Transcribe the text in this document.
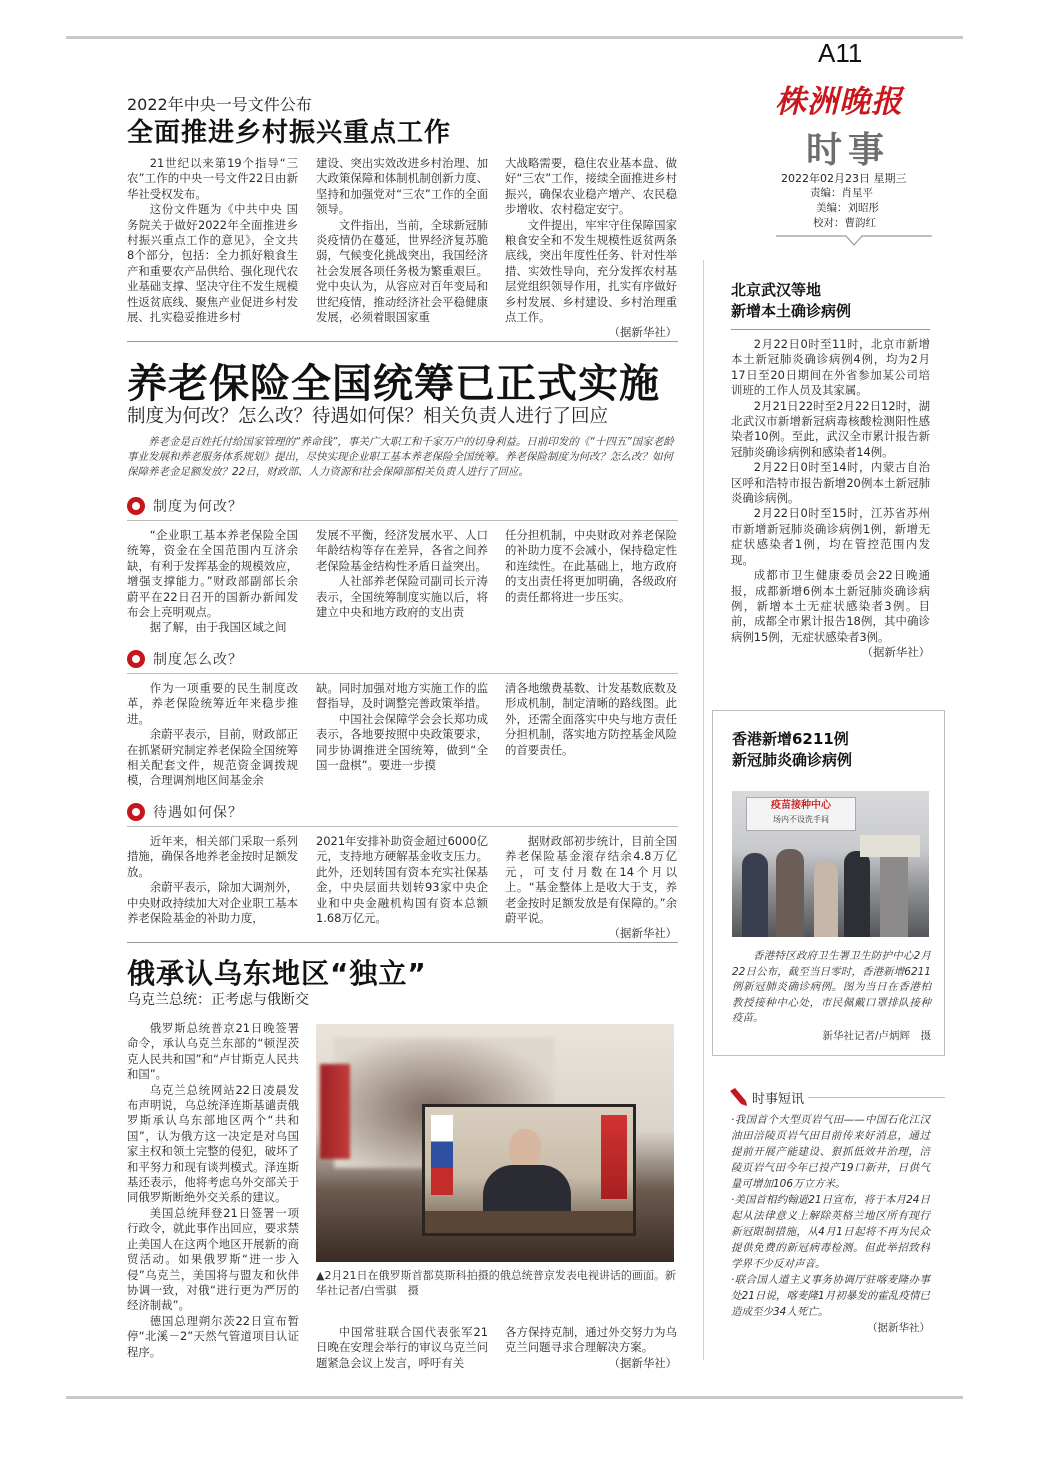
A11
株洲晚报
时事
2022年02月23日 星期三
责编：肖星平
美编：刘昭彤
校对：曹韵红
2022年中央一号文件公布
全面推进乡村振兴重点工作

21世纪以来第19个指导“三农”工作的中央一号文件22日由新华社受权发布。

这份文件题为《中共中央 国务院关于做好2022年全面推进乡村振兴重点工作的意见》，全文共8个部分，包括：全力抓好粮食生产和重要农产品供给、强化现代农业基础支撑、坚决守住不发生规模性返贫底线、聚焦产业促进乡村发展、扎实稳妥推进乡村

建设、突出实效改进乡村治理、加大政策保障和体制机制创新力度、坚持和加强党对“三农”工作的全面领导。

文件指出，当前，全球新冠肺炎疫情仍在蔓延，世界经济复苏脆弱，气候变化挑战突出，我国经济社会发展各项任务极为繁重艰巨。党中央认为，从容应对百年变局和世纪疫情，推动经济社会平稳健康发展，必须着眼国家重

大战略需要，稳住农业基本盘、做好“三农”工作，接续全面推进乡村振兴，确保农业稳产增产、农民稳步增收、农村稳定安宁。

文件提出，牢牢守住保障国家粮食安全和不发生规模性返贫两条底线，突出年度性任务、针对性举措、实效性导向，充分发挥农村基层党组织领导作用，扎实有序做好乡村发展、乡村建设、乡村治理重点工作。

（据新华社）
养老保险全国统筹已正式实施
制度为何改？怎么改？待遇如何保？相关负责人进行了回应
养老金是百姓托付给国家管理的“养命钱”，事关广大职工和千家万户的切身利益。日前印发的《“十四五”国家老龄事业发展和养老服务体系规划》提出，尽快实现企业职工基本养老保险全国统筹。养老保险制度为何改？怎么改？如何保障养老金足额发放？22日，财政部、人力资源和社会保障部相关负责人进行了回应。
制度为何改？

“企业职工基本养老保险全国统筹，资金在全国范围内互济余缺，有利于发挥基金的规模效应，增强支撑能力。”财政部副部长余蔚平在22日召开的国新办新闻发布会上亮明观点。

据了解，由于我国区域之间

发展不平衡，经济发展水平、人口年龄结构等存在差异，各省之间养老保险基金结构性矛盾日益突出。

人社部养老保险司副司长亓涛表示，全国统筹制度实施以后，将建立中央和地方政府的支出责

任分担机制，中央财政对养老保险的补助力度不会减小，保持稳定性和连续性。在此基础上，地方政府的支出责任将更加明确，各级政府的责任都将进一步压实。

制度怎么改？

作为一项重要的民生制度改革，养老保险统筹近年来稳步推进。

余蔚平表示，目前，财政部正在抓紧研究制定养老保险全国统筹相关配套文件，规范资金调拨规模，合理调剂地区间基金余

缺。同时加强对地方实施工作的监督指导，及时调整完善政策举措。

中国社会保障学会会长郑功成表示，各地要按照中央政策要求，同步协调推进全国统筹，做到“全国一盘棋”。要进一步摸

清各地缴费基数、计发基数底数及形成机制，制定清晰的路线图。此外，还需全面落实中央与地方责任分担机制，落实地方防控基金风险的首要责任。

待遇如何保？

近年来，相关部门采取一系列措施，确保各地养老金按时足额发放。

余蔚平表示，除加大调剂外，中央财政持续加大对企业职工基本养老保险基金的补助力度，

2021年安排补助资金超过6000亿元，支持地方硬解基金收支压力。此外，还划转国有资本充实社保基金，中央层面共划转93家中央企业和中央金融机构国有资本总额1.68万亿元。

据财政部初步统计，目前全国养老保险基金滚存结余4.8万亿元，可支付月数在14个月以上。“基金整体上是收大于支，养老金按时足额发放是有保障的。”余蔚平说。

（据新华社）
俄承认乌东地区“独立”
乌克兰总统：正考虑与俄断交

俄罗斯总统普京21日晚签署命令，承认乌克兰东部的“顿涅茨克人民共和国”和“卢甘斯克人民共和国”。

乌克兰总统网站22日凌晨发布声明说，乌总统泽连斯基谴责俄罗斯承认乌东部地区两个“共和国”，认为俄方这一决定是对乌国家主权和领土完整的侵犯，破坏了和平努力和现有谈判模式。泽连斯基还表示，他将考虑乌外交部关于同俄罗斯断绝外交关系的建议。

美国总统拜登21日签署一项行政令，就此事作出回应，要求禁止美国人在这两个地区开展新的商贸活动。如果俄罗斯“进一步入侵”乌克兰，美国将与盟友和伙伴协调一致，对俄“进行更为严厉的经济制裁”。

德国总理朔尔茨22日宣布暂停“北溪－2”天然气管道项目认证程序。

▲2月21日在俄罗斯首都莫斯科拍摄的俄总统普京发表电视讲话的画面。新华社记者/白雪骐　摄

中国常驻联合国代表张军21日晚在安理会举行的审议乌克兰问题紧急会议上发言，呼吁有关

各方保持克制，通过外交努力为乌克兰问题寻求合理解决方案。

（据新华社）
北京武汉等地
新增本土确诊病例

2月22日0时至11时，北京市新增本土新冠肺炎确诊病例4例，均为2月17日至20日期间在外省参加某公司培训班的工作人员及其家属。

2月21日22时至2月22日12时，湖北武汉市新增新冠病毒核酸检测阳性感染者10例。至此，武汉全市累计报告新冠肺炎确诊病例和感染者14例。

2月22日0时至14时，内蒙古自治区呼和浩特市报告新增20例本土新冠肺炎确诊病例。

2月22日0时至15时，江苏省苏州市新增新冠肺炎确诊病例1例，新增无症状感染者1例，均在管控范围内发现。

成都市卫生健康委员会22日晚通报，成都新增6例本土新冠肺炎确诊病例，新增本土无症状感染者3例。目前，成都全市累计报告18例，其中确诊病例15例，无症状感染者3例。

（据新华社）
香港新增6211例
新冠肺炎确诊病例
疫苗接种中心
场内不设洗手间
香港特区政府卫生署卫生防护中心2月22日公布，截至当日零时，香港新增6211例新冠肺炎确诊病例。图为当日在香港柏教授接种中心处，市民佩戴口罩排队接种疫苗。
新华社记者/卢炳辉　摄
时事短讯
·我国首个大型页岩气田——中国石化江汉油田涪陵页岩气田目前传来好消息，通过提前开展产能建设、狠抓低效井治理，涪陵页岩气田今年已投产19口新井，日供气量可增加106万立方米。
·美国首相约翰逊21日宣布，将于本月24日起从法律意义上解除英格兰地区所有现行新冠限制措施，从4月1日起将不再为民众提供免费的新冠病毒检测。但此举招致科学界不少反对声音。
·联合国人道主义事务协调厅驻喀麦隆办事处21日说，喀麦隆1月初暴发的霍乱疫情已造成至少34人死亡。
（据新华社）
